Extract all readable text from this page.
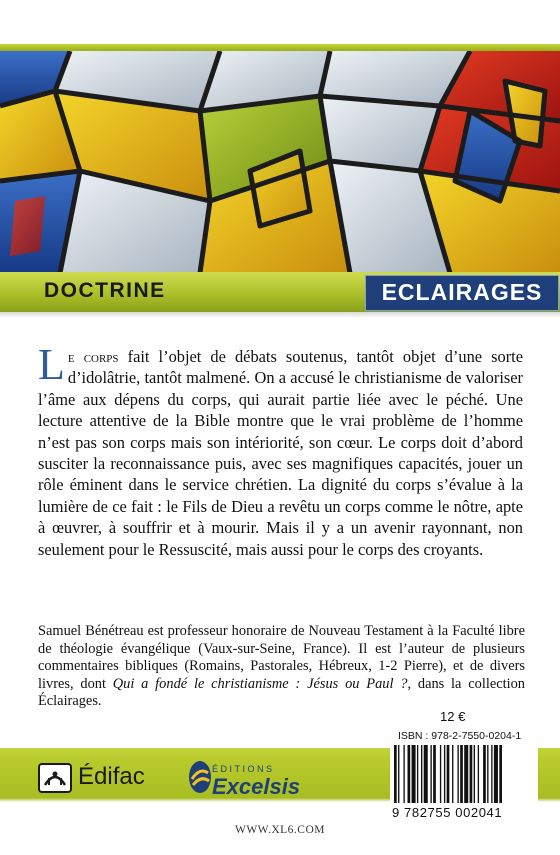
DOCTRINE	ECLAIRAGES
Le corps fait l’objet de débats soutenus, tantôt objet d’une sorte d’idolâtrie, tantôt malmené. On a accusé le christianisme de valoriser l’âme aux dépens du corps, qui aurait partie liée avec le péché. Une lecture attentive de la Bible montre que le vrai problème de l’homme n’est pas son corps mais son intériorité, son cœur. Le corps doit d’abord susciter la reconnaissance puis, avec ses magnifiques capacités, jouer un rôle éminent dans le service chrétien. La dignité du corps s’évalue à la lumière de ce fait : le Fils de Dieu a revêtu un corps comme le nôtre, apte à œuvrer, à souffrir et à mourir. Mais il y a un avenir rayonnant, non seulement pour le Ressuscité, mais aussi pour le corps des croyants.
Samuel Bénétreau est professeur honoraire de Nouveau Testament à la Faculté libre de théologie évangélique (Vaux-sur-Seine, France). Il est l’auteur de plusieurs commentaires bibliques (Romains, Pastorales, Hébreux, 1-2 Pierre), et de divers livres, dont Qui a fondé le christianisme : Jésus ou Paul ?, dans la collection Éclairages.
12 €
ISBN : 978-2-7550-0204-1
Édifac	ÉDITIONS
Excelsis
9 782755 002041
WWW.XL6.COM
